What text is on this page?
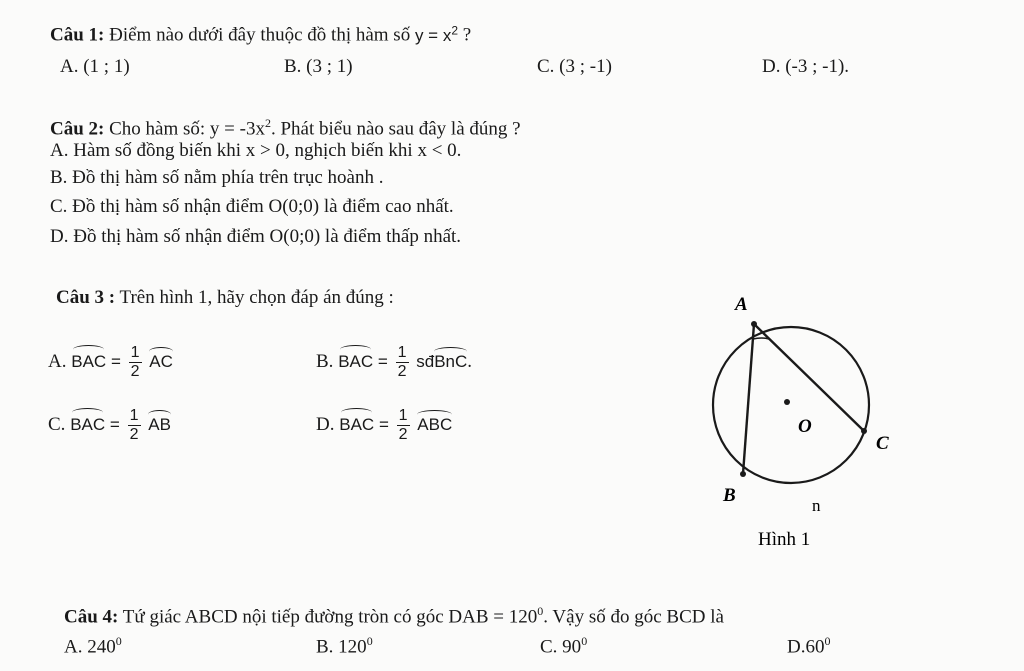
Câu 1: Điểm nào dưới đây thuộc đồ thị hàm số $y = x^2$ ?
A. (1 ; 1)	B. (3 ; 1)	C. (3 ; -1)	D. (-3 ; -1).
Câu 2: Cho hàm số: $y = -3x^2$. Phát biểu nào sau đây là đúng ?
A. Hàm số đồng biến khi x > 0, nghịch biến khi x < 0.
B. Đồ thị hàm số nằm phía trên trục hoành .
C. Đồ thị hàm số nhận điểm O(0;0) là điểm cao nhất.
D. Đồ thị hàm số nhận điểm O(0;0) là điểm thấp nhất.
Câu 3 : Trên hình 1, hãy chọn đáp án đúng :
A. BAC = $\frac{1}{2}$ AC	B. BAC = $\frac{1}{2}$ sđBnC.
C. BAC = $\frac{1}{2}$ AB	D. BAC = $\frac{1}{2}$ ABC
A
B
C
O
n
Hình 1
Câu 4: Tứ giác ABCD nội tiếp đường tròn có góc DAB = $120^0$. Vậy số đo góc BCD là
A. $240^0$	B. $120^0$	C. $90^0$	$D.60^0$
